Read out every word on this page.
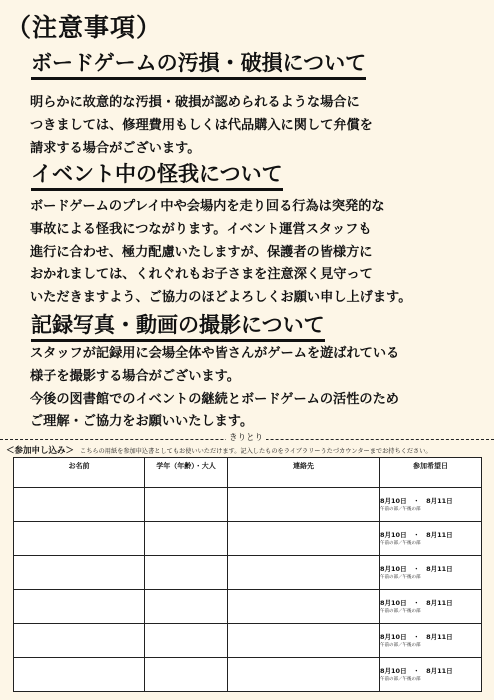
（注意事項）
ボードゲームの汚損・破損について
明らかに故意的な汚損・破損が認められるような場合に
つきましては、修理費用もしくは代品購入に関して弁償を
請求する場合がございます。
イベント中の怪我について
ボードゲームのプレイ中や会場内を走り回る行為は突発的な
事故による怪我につながります。イベント運営スタッフも
進行に合わせ、極力配慮いたしますが、保護者の皆様方に
おかれましては、くれぐれもお子さまを注意深く見守って
いただきますよう、ご協力のほどよろしくお願い申し上げます。
記録写真・動画の撮影について
スタッフが記録用に会場全体や皆さんがゲームを遊ばれている
様子を撮影する場合がございます。
今後の図書館でのイベントの継続とボードゲームの活性のため
ご理解・ご協力をお願いいたします。
きりとり
＜参加申し込み＞ こちらの用紙を参加申込書としてもお使いいただけます。記入したものをライブラリーうたづカウンターまでお持ちください。
お名前	学年（年齢）・大人	連絡先	参加希望日

			8月10日　・　8月11日
午前の部／午後の部

			8月10日　・　8月11日
午前の部／午後の部

			8月10日　・　8月11日
午前の部／午後の部

			8月10日　・　8月11日
午前の部／午後の部

			8月10日　・　8月11日
午前の部／午後の部

			8月10日　・　8月11日
午前の部／午後の部
